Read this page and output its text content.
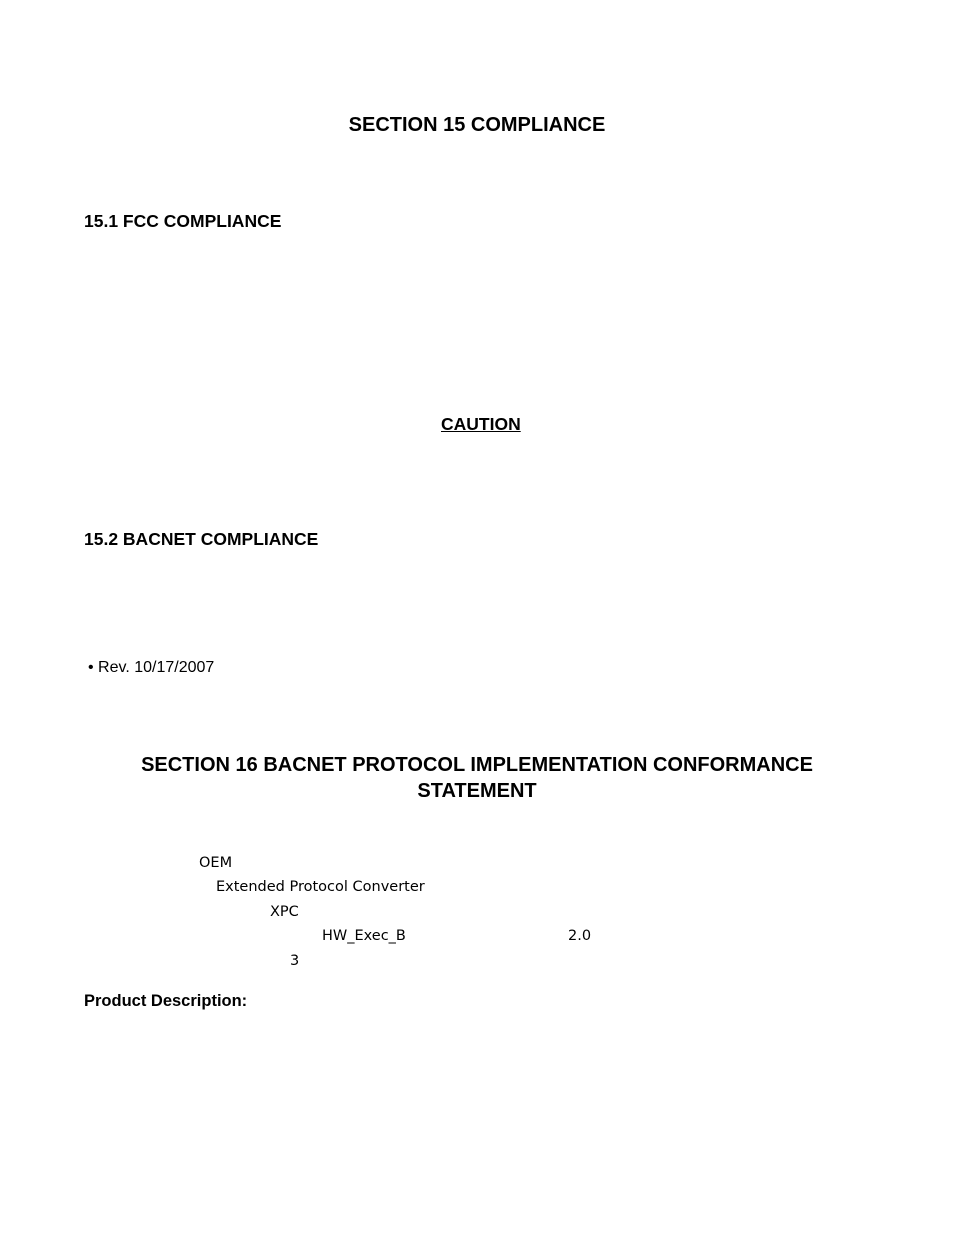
SECTION 15 COMPLIANCE
15.1 FCC COMPLIANCE
CAUTION
15.2 BACNET COMPLIANCE
• Rev. 10/17/2007
SECTION 16 BACNET PROTOCOL IMPLEMENTATION CONFORMANCE
STATEMENT
OEM
Extended Protocol Converter
XPC
HW_Exec_B	2.0
3
Product Description:
